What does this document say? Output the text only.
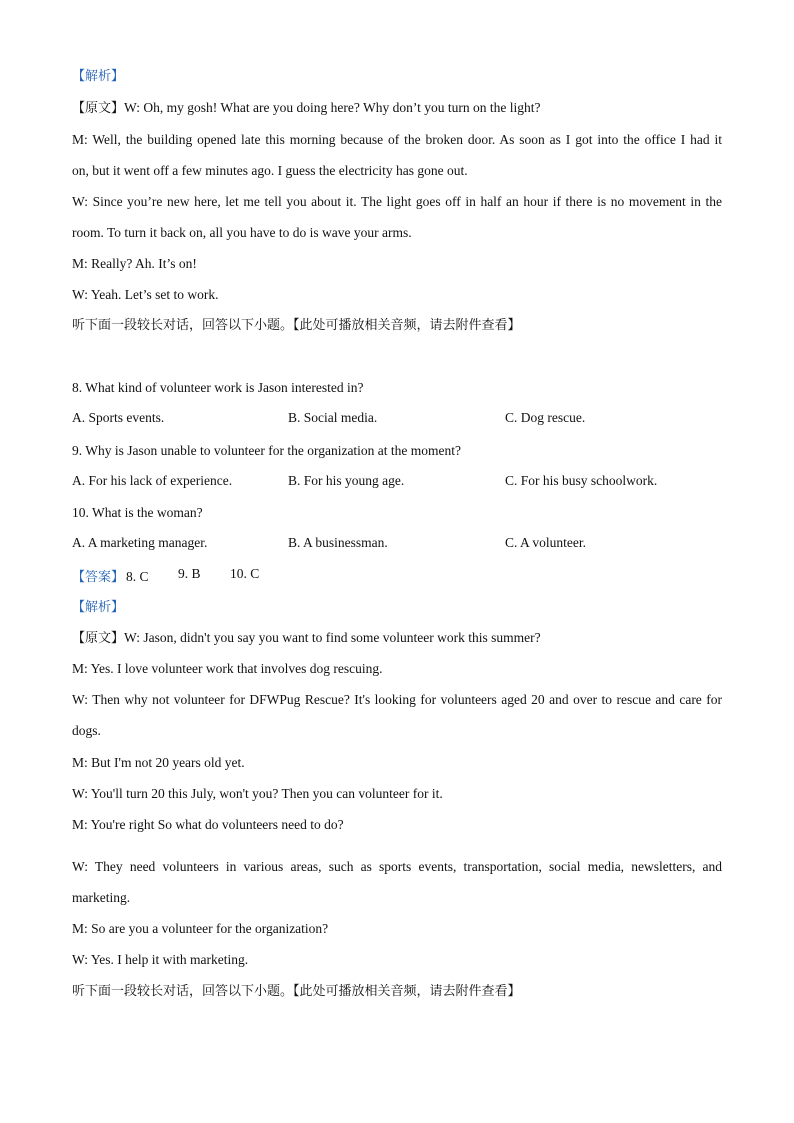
【解析】
【原文】W: Oh, my gosh! What are you doing here? Why don’t you turn on the light?
M: Well, the building opened late this morning because of the broken door. As soon as I got into the office I had it
on, but it went off a few minutes ago. I guess the electricity has gone out.
W: Since you’re new here, let me tell you about it. The light goes off in half an hour if there is no movement in the
room. To turn it back on, all you have to do is wave your arms.
M: Really? Ah. It’s on!
W: Yeah. Let’s set to work.
听下面一段较长对话，回答以下小题。【此处可播放相关音频，请去附件查看】
8. What kind of volunteer work is Jason interested in?
A. Sports events.	B. Social media.	C. Dog rescue.
9. Why is Jason unable to volunteer for the organization at the moment?
A. For his lack of experience.	B. For his young age.	C. For his busy schoolwork.
10. What is the woman?
A. A marketing manager.	B. A businessman.	C. A volunteer.
【答案】 8. C 9. B 10. C
【解析】
【原文】W: Jason, didn't you say you want to find some volunteer work this summer?
M: Yes. I love volunteer work that involves dog rescuing.
W: Then why not volunteer for DFWPug Rescue? It's looking for volunteers aged 20 and over to rescue and care for
dogs.
M: But I'm not 20 years old yet.
W: You'll turn 20 this July, won't you? Then you can volunteer for it.
M: You're right So what do volunteers need to do?
W: They need volunteers in various areas, such as sports events, transportation, social media, newsletters, and
marketing.
M: So are you a volunteer for the organization?
W: Yes. I help it with marketing.
听下面一段较长对话，回答以下小题。【此处可播放相关音频，请去附件查看】
